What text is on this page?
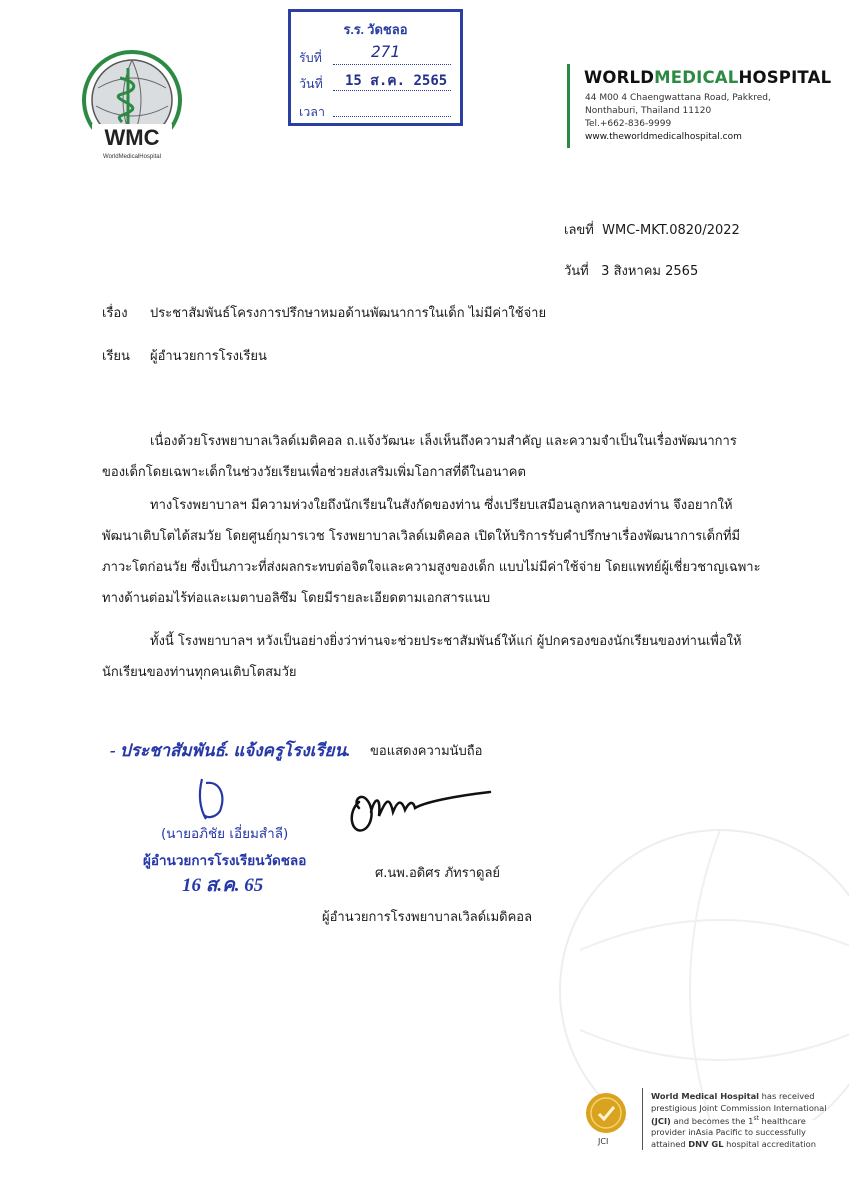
WMC
WorldMedicalHospital
ร.ร. วัดชลอ
รับที่	271
วันที่ 15 ส.ค. 2565
เวลา
WORLDMEDICALHOSPITAL
44 M00 4 Chaengwattana Road, Pakkred,
Nonthaburi, Thailand 11120
Tel.+662-836-9999
www.theworldmedicalhospital.com
เลขที่ WMC-MKT.0820/2022
วันที่ 3 สิงหาคม 2565
เรื่อง ประชาสัมพันธ์โครงการปรึกษาหมอด้านพัฒนาการในเด็ก ไม่มีค่าใช้จ่าย
เรียน ผู้อำนวยการโรงเรียน
เนื่องด้วยโรงพยาบาลเวิลด์เมดิคอล ถ.แจ้งวัฒนะ เล็งเห็นถึงความสำคัญ และความจำเป็นในเรื่องพัฒนาการ
ของเด็กโดยเฉพาะเด็กในช่วงวัยเรียนเพื่อช่วยส่งเสริมเพิ่มโอกาสที่ดีในอนาคต
ทางโรงพยาบาลฯ มีความห่วงใยถึงนักเรียนในสังกัดของท่าน ซึ่งเปรียบเสมือนลูกหลานของท่าน จึงอยากให้
พัฒนาเติบโตได้สมวัย โดยศูนย์กุมารเวช โรงพยาบาลเวิลด์เมดิคอล เปิดให้บริการรับคำปรึกษาเรื่องพัฒนาการเด็กที่มี
ภาวะโตก่อนวัย ซึ่งเป็นภาวะที่ส่งผลกระทบต่อจิตใจและความสูงของเด็ก แบบไม่มีค่าใช้จ่าย โดยแพทย์ผู้เชี่ยวชาญเฉพาะ
ทางด้านต่อมไร้ท่อและเมตาบอลิซึม โดยมีรายละเอียดตามเอกสารแนบ
ทั้งนี้ โรงพยาบาลฯ หวังเป็นอย่างยิ่งว่าท่านจะช่วยประชาสัมพันธ์ให้แก่ ผู้ปกครองของนักเรียนของท่านเพื่อให้
นักเรียนของท่านทุกคนเติบโตสมวัย
- ประชาสัมพันธ์. แจ้งครูโรงเรียน.
(นายอภิชัย เอี่ยมสำลี)
ผู้อำนวยการโรงเรียนวัดชลอ
16 ส.ค. 65
ขอแสดงความนับถือ
ศ.นพ.อดิศร ภัทราดูลย์
ผู้อำนวยการโรงพยาบาลเวิลด์เมดิคอล
JCI
World Medical Hospital has received
prestigious Joint Commission International
(JCI) and becomes the 1st healthcare
provider inAsia Pacific to successfully
attained DNV GL hospital accreditation
